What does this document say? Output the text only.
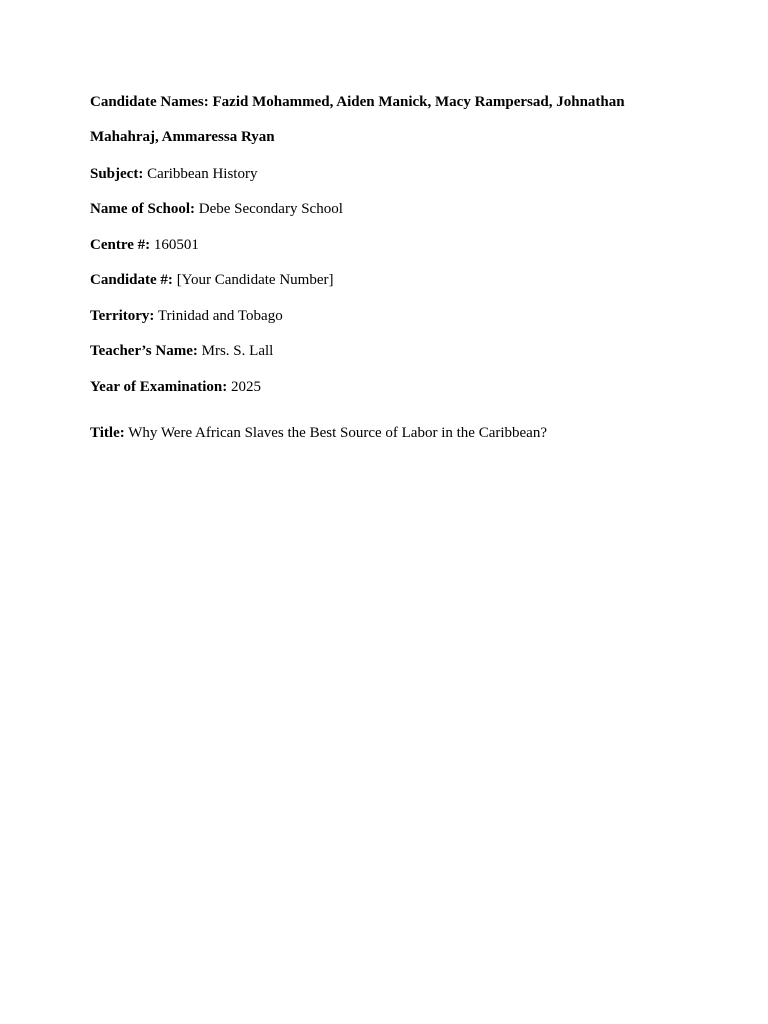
Candidate Names: Fazid Mohammed, Aiden Manick, Macy Rampersad, Johnathan Mahahraj, Ammaressa Ryan

Subject: Caribbean History

Name of School: Debe Secondary School

Centre #: 160501

Candidate #: [Your Candidate Number]

Territory: Trinidad and Tobago

Teacher’s Name: Mrs. S. Lall

Year of Examination: 2025

Title: Why Were African Slaves the Best Source of Labor in the Caribbean?
